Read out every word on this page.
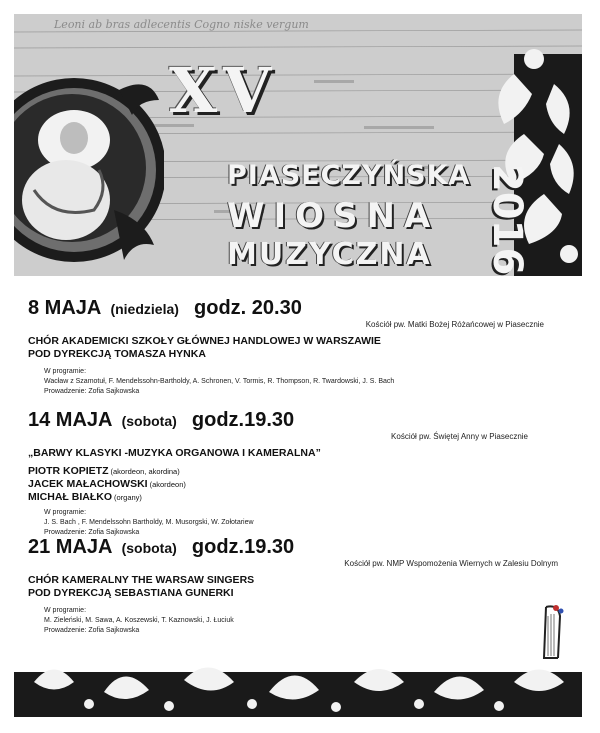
Leoni ab bras adlecentis Cogno niske vergum
XV
PIASECZYŃSKA
WIOSNA
MUZYCZNA 2016
8 MAJA (niedziela) godz. 20.30
Kościół pw. Matki Bożej Różańcowej w Piasecznie
CHÓR AKADEMICKI SZKOŁY GŁÓWNEJ HANDLOWEJ W WARSZAWIE
POD DYREKCJĄ TOMASZA HYNKA
W programie:
Wacław z Szamotuł, F. Mendelssohn-Bartholdy, A. Schronen, V. Tormis, R. Thompson, R. Twardowski, J. S. Bach
Prowadzenie: Zofia Sajkowska
14 MAJA (sobota) godz.19.30
Kościół pw. Świętej Anny w Piasecznie
„BARWY KLASYKI -MUZYKA ORGANOWA I KAMERALNA”
PIOTR KOPIETZ (akordeon, akordina)
JACEK MAŁACHOWSKI (akordeon)
MICHAŁ BIAŁKO (organy)
W programie:
J. S. Bach , F. Mendelssohn Bartholdy, M. Musorgski, W. Zołotariew
Prowadzenie: Zofia Sajkowska
21 MAJA (sobota) godz.19.30
Kościół pw. NMP Wspomożenia Wiernych w Zalesiu Dolnym
CHÓR KAMERALNY THE WARSAW SINGERS
POD DYREKCJĄ SEBASTIANA GUNERKI
W programie:
M. Zieleński, M. Sawa, A. Koszewski, T. Kaznowski, J. Łuciuk
Prowadzenie: Zofia Sajkowska
